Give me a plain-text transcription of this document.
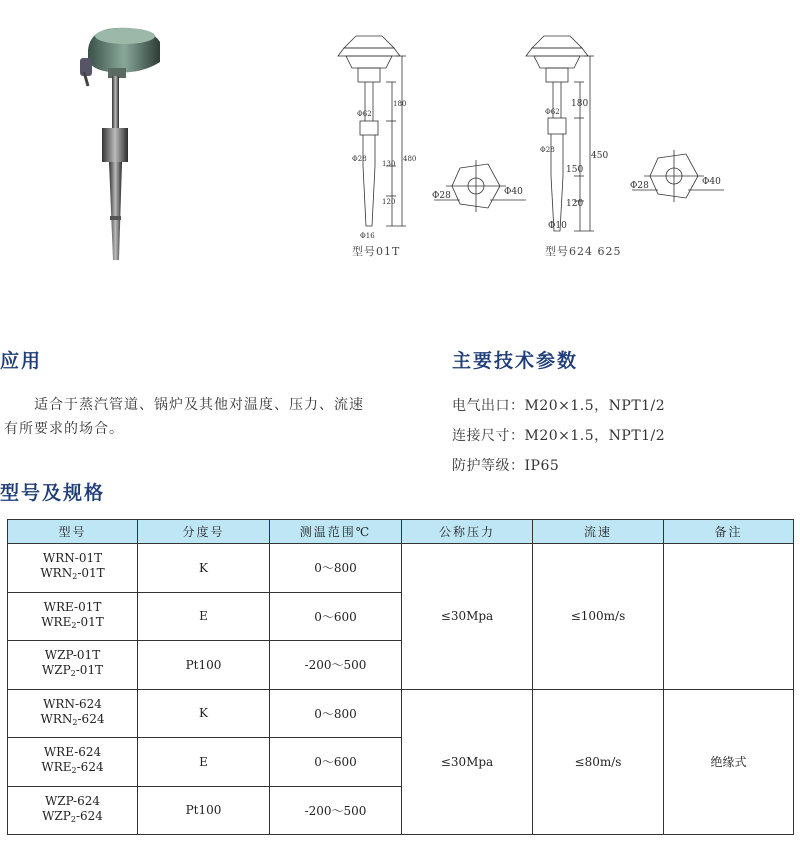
180
Φ62
480
Φ28
130
120
Φ16
型号01T
Φ28	Φ40
180
Φ62
450
150
Φ28
120
Φ10
型号624 625
Φ28	Φ40
应用

适合于蒸汽管道、锅炉及其他对温度、压力、流速有所要求的场合。

主要技术参数
电气出口：M20×1.5，NPT1/2
连接尺寸：M20×1.5，NPT1/2
防护等级：IP65
型号及规格
型号	分度号	测温范围℃	公称压力	流速	备注

WRN-01T
$WRN_2-01T$	K	0～800	≤30Mpa	≤100m/s	

WRE-01T
$WRE_2-01T$	E	0～600			

WZP-01T
$WZP_2-01T$	Pt100	-200～500			

WRN-624
$WRN_2-624$	K	0～800	≤30Mpa	≤80m/s	绝缘式

WRE-624
$WRE_2-624$	E	0～600			

WZP-624
$WZP_2-624$	Pt100	-200～500			
